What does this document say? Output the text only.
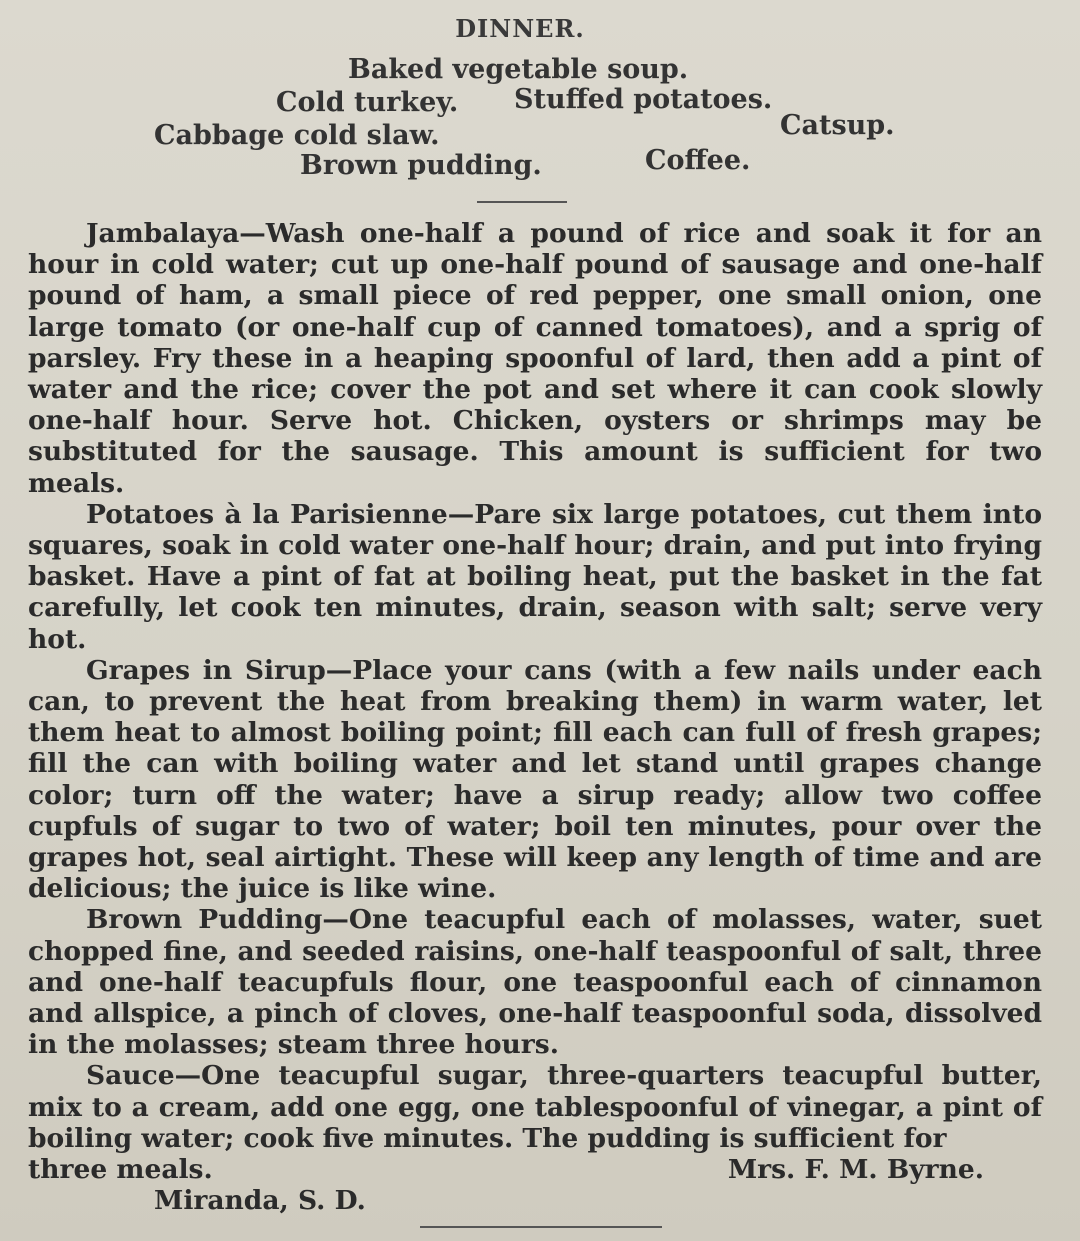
DINNER.
Baked vegetable soup.
Cold turkey. Stuffed potatoes.
Cabbage cold slaw.	Catsup.
Brown pudding.	Coffee.

Jambalaya—Wash one-half a pound of rice and soak it for an hour in cold water; cut up one-half pound of sausage and one-half pound of ham, a small piece of red pepper, one small onion, one large tomato (or one-half cup of canned tomatoes), and a sprig of parsley. Fry these in a heaping spoonful of lard, then add a pint of water and the rice; cover the pot and set where it can cook slowly one-half hour. Serve hot. Chicken, oysters or shrimps may be substituted for the sausage. This amount is sufficient for two meals.

Potatoes à la Parisienne—Pare six large potatoes, cut them into squares, soak in cold water one-half hour; drain, and put into frying basket. Have a pint of fat at boiling heat, put the basket in the fat carefully, let cook ten minutes, drain, season with salt; serve very hot.

Grapes in Sirup—Place your cans (with a few nails under each can, to prevent the heat from breaking them) in warm water, let them heat to almost boiling point; fill each can full of fresh grapes; fill the can with boiling water and let stand until grapes change color; turn off the water; have a sirup ready; allow two coffee cupfuls of sugar to two of water; boil ten minutes, pour over the grapes hot, seal airtight. These will keep any length of time and are delicious; the juice is like wine.

Brown Pudding—One teacupful each of molasses, water, suet chopped fine, and seeded raisins, one-half teaspoonful of salt, three and one-half teacupfuls flour, one teaspoonful each of cinnamon and allspice, a pinch of cloves, one-half teaspoonful soda, dissolved in the molasses; steam three hours.

Sauce—One teacupful sugar, three-quarters teacupful butter, mix to a cream, add one egg, one tablespoonful of vinegar, a pint of boiling water; cook five minutes. The pudding is sufficient for

three meals.	Mrs. F. M. Byrne.

Miranda, S. D.
